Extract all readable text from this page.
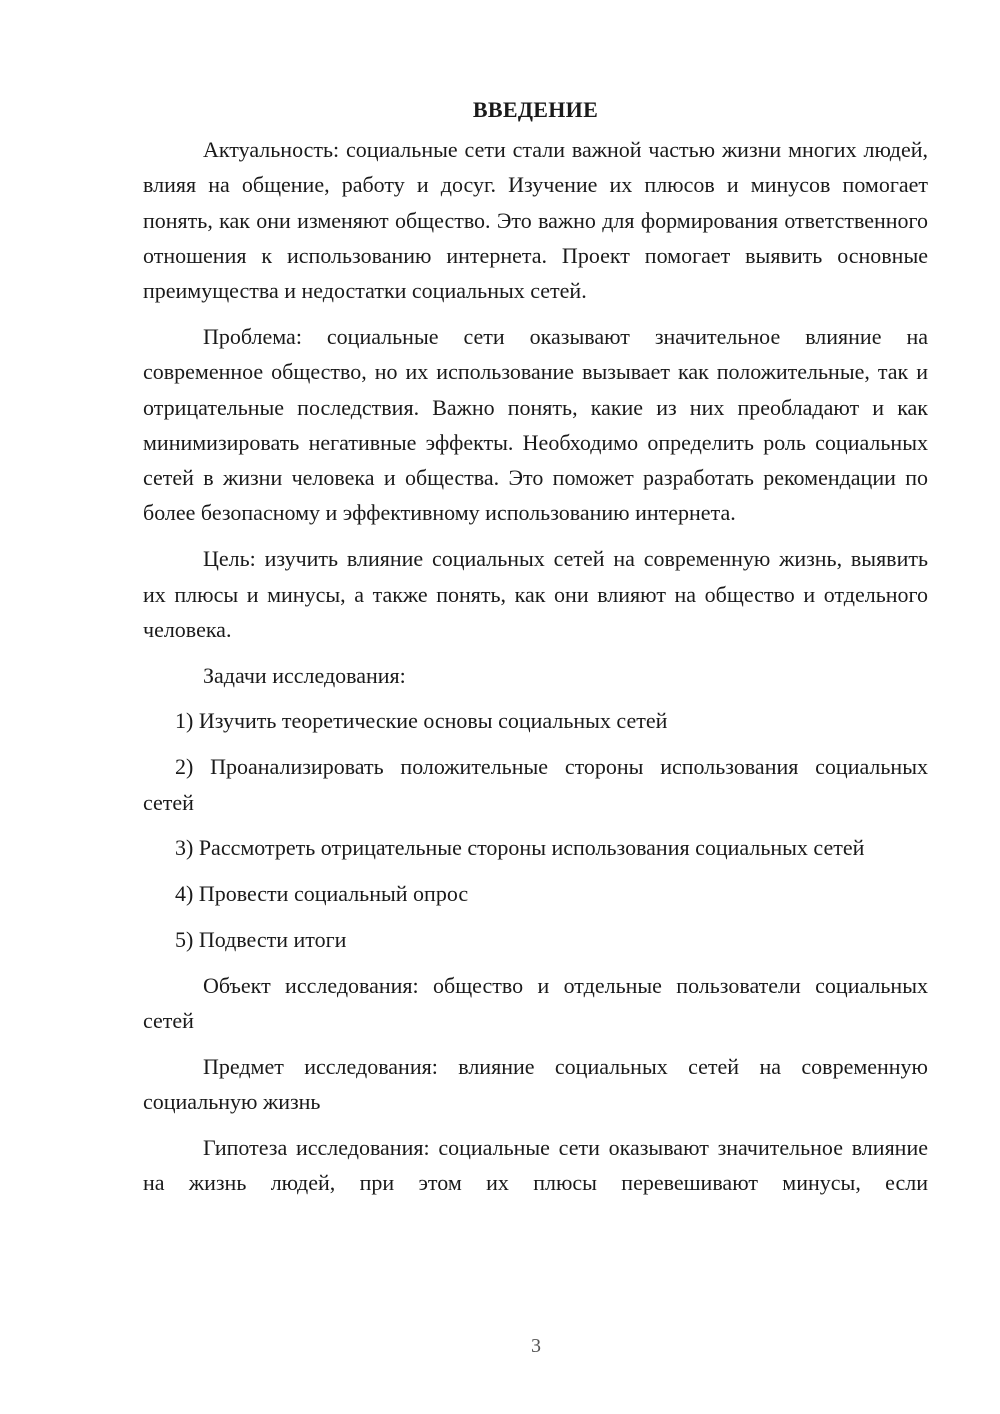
ВВЕДЕНИЕ
Актуальность: социальные сети стали важной частью жизни многих людей, влияя на общение, работу и досуг. Изучение их плюсов и минусов помогает понять, как они изменяют общество. Это важно для формирования ответственного отношения к использованию интернета. Проект помогает выявить основные преимущества и недостатки социальных сетей.
Проблема: социальные сети оказывают значительное влияние на современное общество, но их использование вызывает как положительные, так и отрицательные последствия. Важно понять, какие из них преобладают и как минимизировать негативные эффекты. Необходимо определить роль социальных сетей в жизни человека и общества. Это поможет разработать рекомендации по более безопасному и эффективному использованию интернета.
Цель: изучить влияние социальных сетей на современную жизнь, выявить их плюсы и минусы, а также понять, как они влияют на общество и отдельного человека.
Задачи исследования:
1) Изучить теоретические основы социальных сетей
2) Проанализировать положительные стороны использования социальных сетей
3) Рассмотреть отрицательные стороны использования социальных сетей
4) Провести социальный опрос
5) Подвести итоги
Объект исследования: общество и отдельные пользователи социальных сетей
Предмет исследования: влияние социальных сетей на современную социальную жизнь
Гипотеза исследования: социальные сети оказывают значительное влияние на жизнь людей, при этом их плюсы перевешивают минусы, если
3
